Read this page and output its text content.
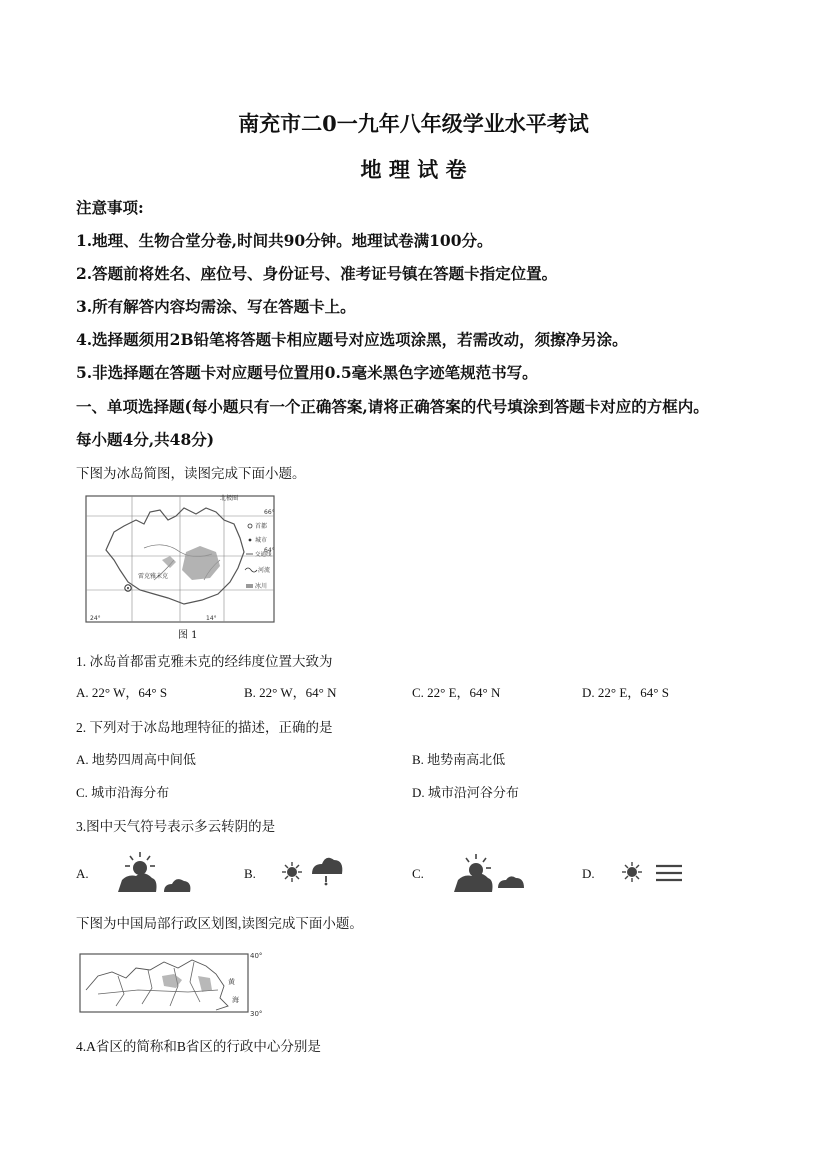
南充市二0一九年八年级学业水平考试
地 理 试 卷
注意事项:
1.地理、生物合堂分卷,时间共90分钟。地理试卷满100分。
2.答题前将姓名、座位号、身份证号、准考证号镇在答题卡指定位置。
3.所有解答内容均需涂、写在答题卡上。
4.选择题须用2B铅笔将答题卡相应题号对应选项涂黑，若需改动，须擦净另涂。
5.非选择题在答题卡对应题号位置用0.5毫米黑色字迹笔规范书写。
一、单项选择题(每小题只有一个正确答案,请将正确答案的代号填涂到答题卡对应的方框内。
每小题4分,共48分)
下图为冰岛简图，读图完成下面小题。
雷克雅未克
北极圈
66°
64°
24°	14°
首都
城市
交通线
河流
冰川
图 1
1. 冰岛首都雷克雅未克的经纬度位置大致为
A. 22° W，64° S	B. 22° W，64° N	C. 22° E，64° N	D. 22° E，64° S
2. 下列对于冰岛地理特征的描述，正确的是
A. 地势四周高中间低	B. 地势南高北低
C. 城市沿海分布	D. 城市沿河谷分布
3.图中天气符号表示多云转阴的是
A.	B.	C.	D.
下图为中国局部行政区划图,读图完成下面小题。
40°
30°
黄
海
4.A省区的简称和B省区的行政中心分别是
